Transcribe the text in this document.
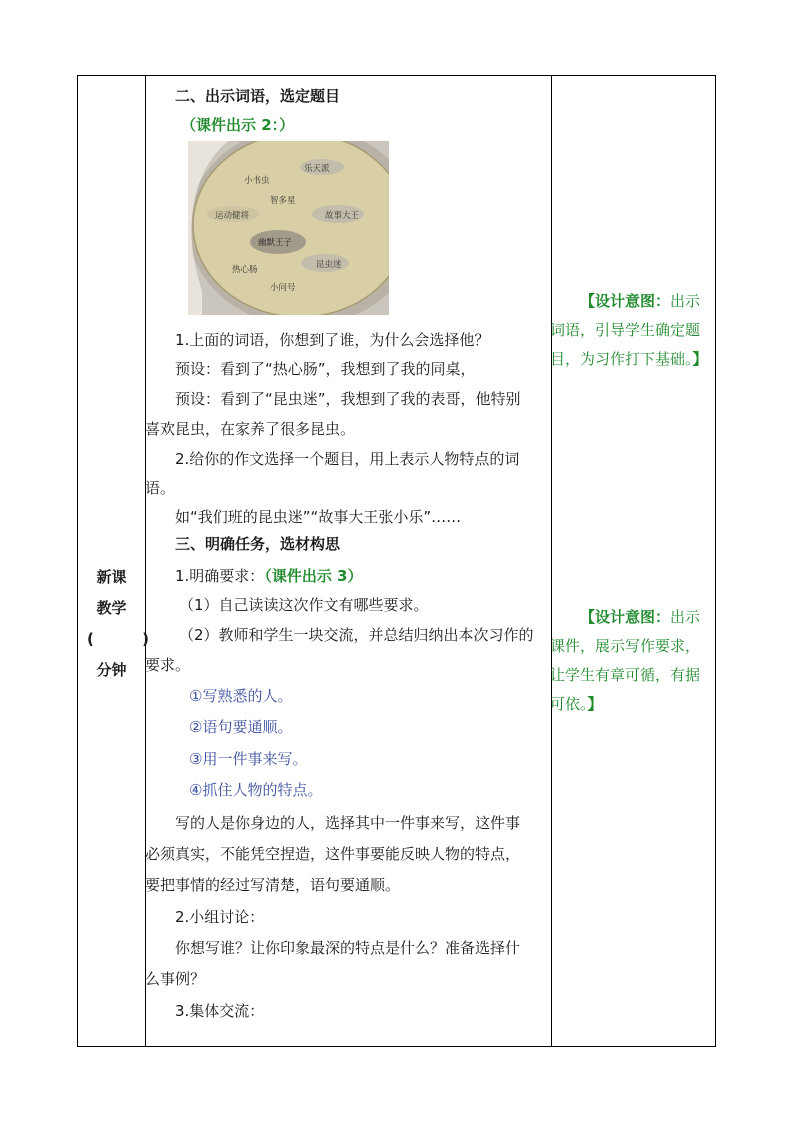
新课
教学
(	)
分钟
小书虫
乐天派
智多星
运动健将	故事大王
幽默王子
热心肠	昆虫迷
小问号
二、出示词语，选定题目
（课件出示 2：）
1.上面的词语，你想到了谁，为什么会选择他？
预设：看到了“热心肠”，我想到了我的同桌，
预设：看到了“昆虫迷”，我想到了我的表哥，他特别
喜欢昆虫，在家养了很多昆虫。
2.给你的作文选择一个题目，用上表示人物特点的词
语。
如“我们班的昆虫迷”“故事大王张小乐”……
三、明确任务，选材构思
1.明确要求：（课件出示 3）
（1）自己读读这次作文有哪些要求。
（2）教师和学生一块交流，并总结归纳出本次习作的
要求。
①写熟悉的人。
②语句要通顺。
③用一件事来写。
④抓住人物的特点。
写的人是你身边的人，选择其中一件事来写，这件事
必须真实，不能凭空捏造，这件事要能反映人物的特点，
要把事情的经过写清楚，语句要通顺。
2.小组讨论：
你想写谁？让你印象最深的特点是什么？准备选择什
么事例？
3.集体交流：
【设计意图：出示
词语，引导学生确定题
目，为习作打下基础。】
【设计意图：出示
课件，展示写作要求，
让学生有章可循，有据
可依。】
